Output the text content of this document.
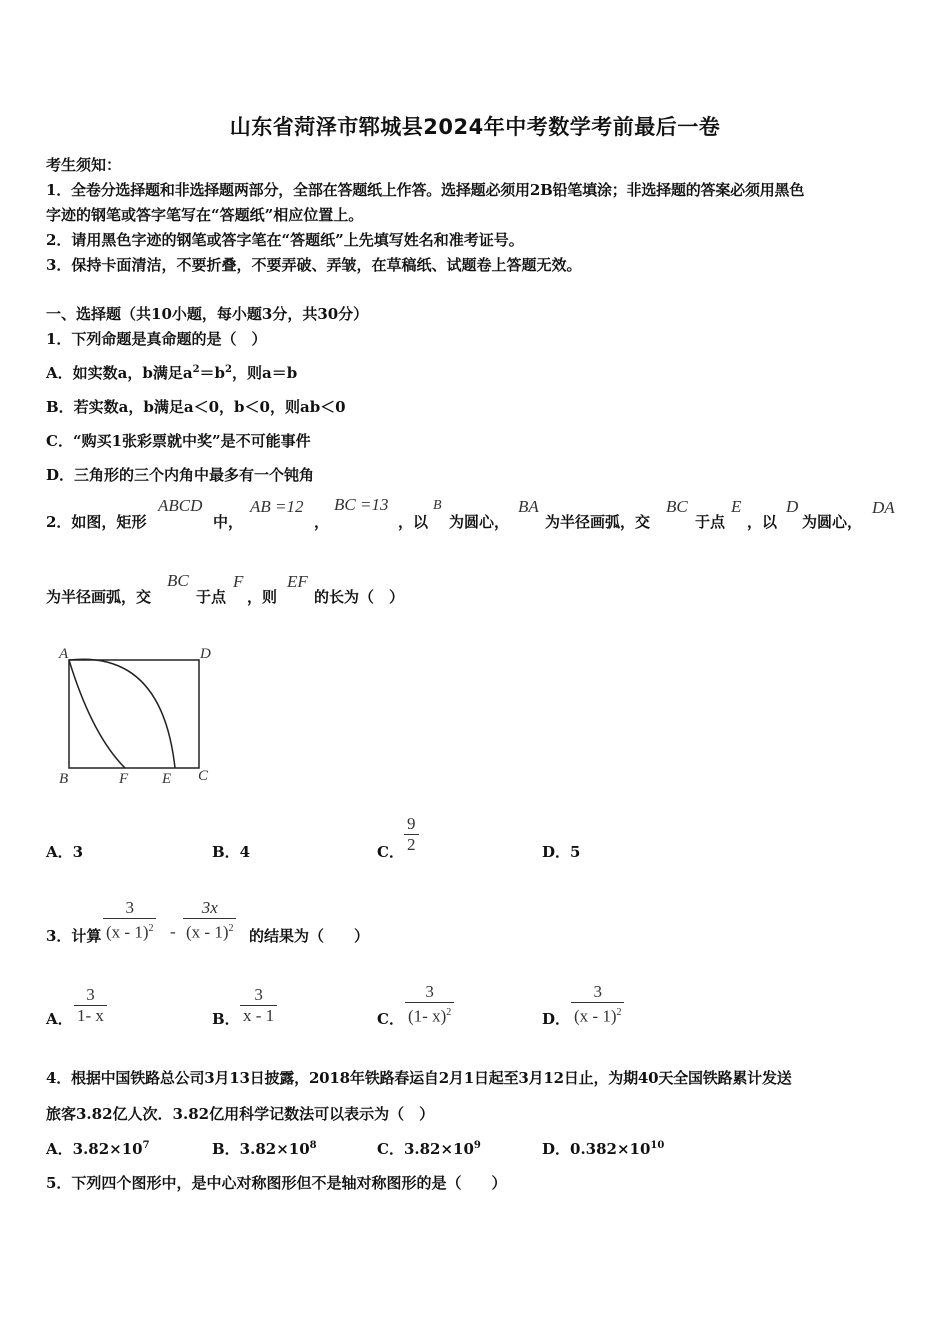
山东省菏泽市郓城县2024年中考数学考前最后一卷
考生须知：
1．全卷分选择题和非选择题两部分，全部在答题纸上作答。选择题必须用2B铅笔填涂；非选择题的答案必须用黑色
字迹的钢笔或答字笔写在“答题纸”相应位置上。
2．请用黑色字迹的钢笔或答字笔在“答题纸”上先填写姓名和准考证号。
3．保持卡面清洁，不要折叠，不要弄破、弄皱，在草稿纸、试题卷上答题无效。
一、选择题（共10小题，每小题3分，共30分）
1．下列命题是真命题的是（　）
A．如实数a，b满足$a^2=b^2$，则a＝b
B．若实数a，b满足a＜0，b＜0，则ab＜0
C．“购买1张彩票就中奖”是不可能事件
D．三角形的三个内角中最多有一个钝角
2．如图，矩形
ABCD
中，
AB =12
，
BC =13
，以
B
为圆心，
BA
为半径画弧，交
BC
于点
E
，以
D
为圆心，
DA
为半径画弧，交
BC
于点
F
，则
EF
的长为（　）
A	D
B	F E C
A．3	B．4	C． $\frac{9}{2}$	D．5
3．计算 $\frac{3}{(x - 1)^2} - \frac{3x}{(x - 1)^2}$ 的结果为（　　）
A． $\frac{3}{1- x}$	B． $\frac{3}{x - 1}$	C． $\frac{3}{(1- x)^2}$	D． $\frac{3}{(x - 1)^2}$
4．根据中国铁路总公司3月13日披露，2018年铁路春运自2月1日起至3月12日止，为期40天全国铁路累计发送
旅客3.82亿人次．3.82亿用科学记数法可以表示为（　）
A．$3.82\times 10^7$	B．$3.82\times 10^8$	C．$3.82\times 10^9$	D．$0.382\times 10^{10}$
5．下列四个图形中，是中心对称图形但不是轴对称图形的是（　　）
